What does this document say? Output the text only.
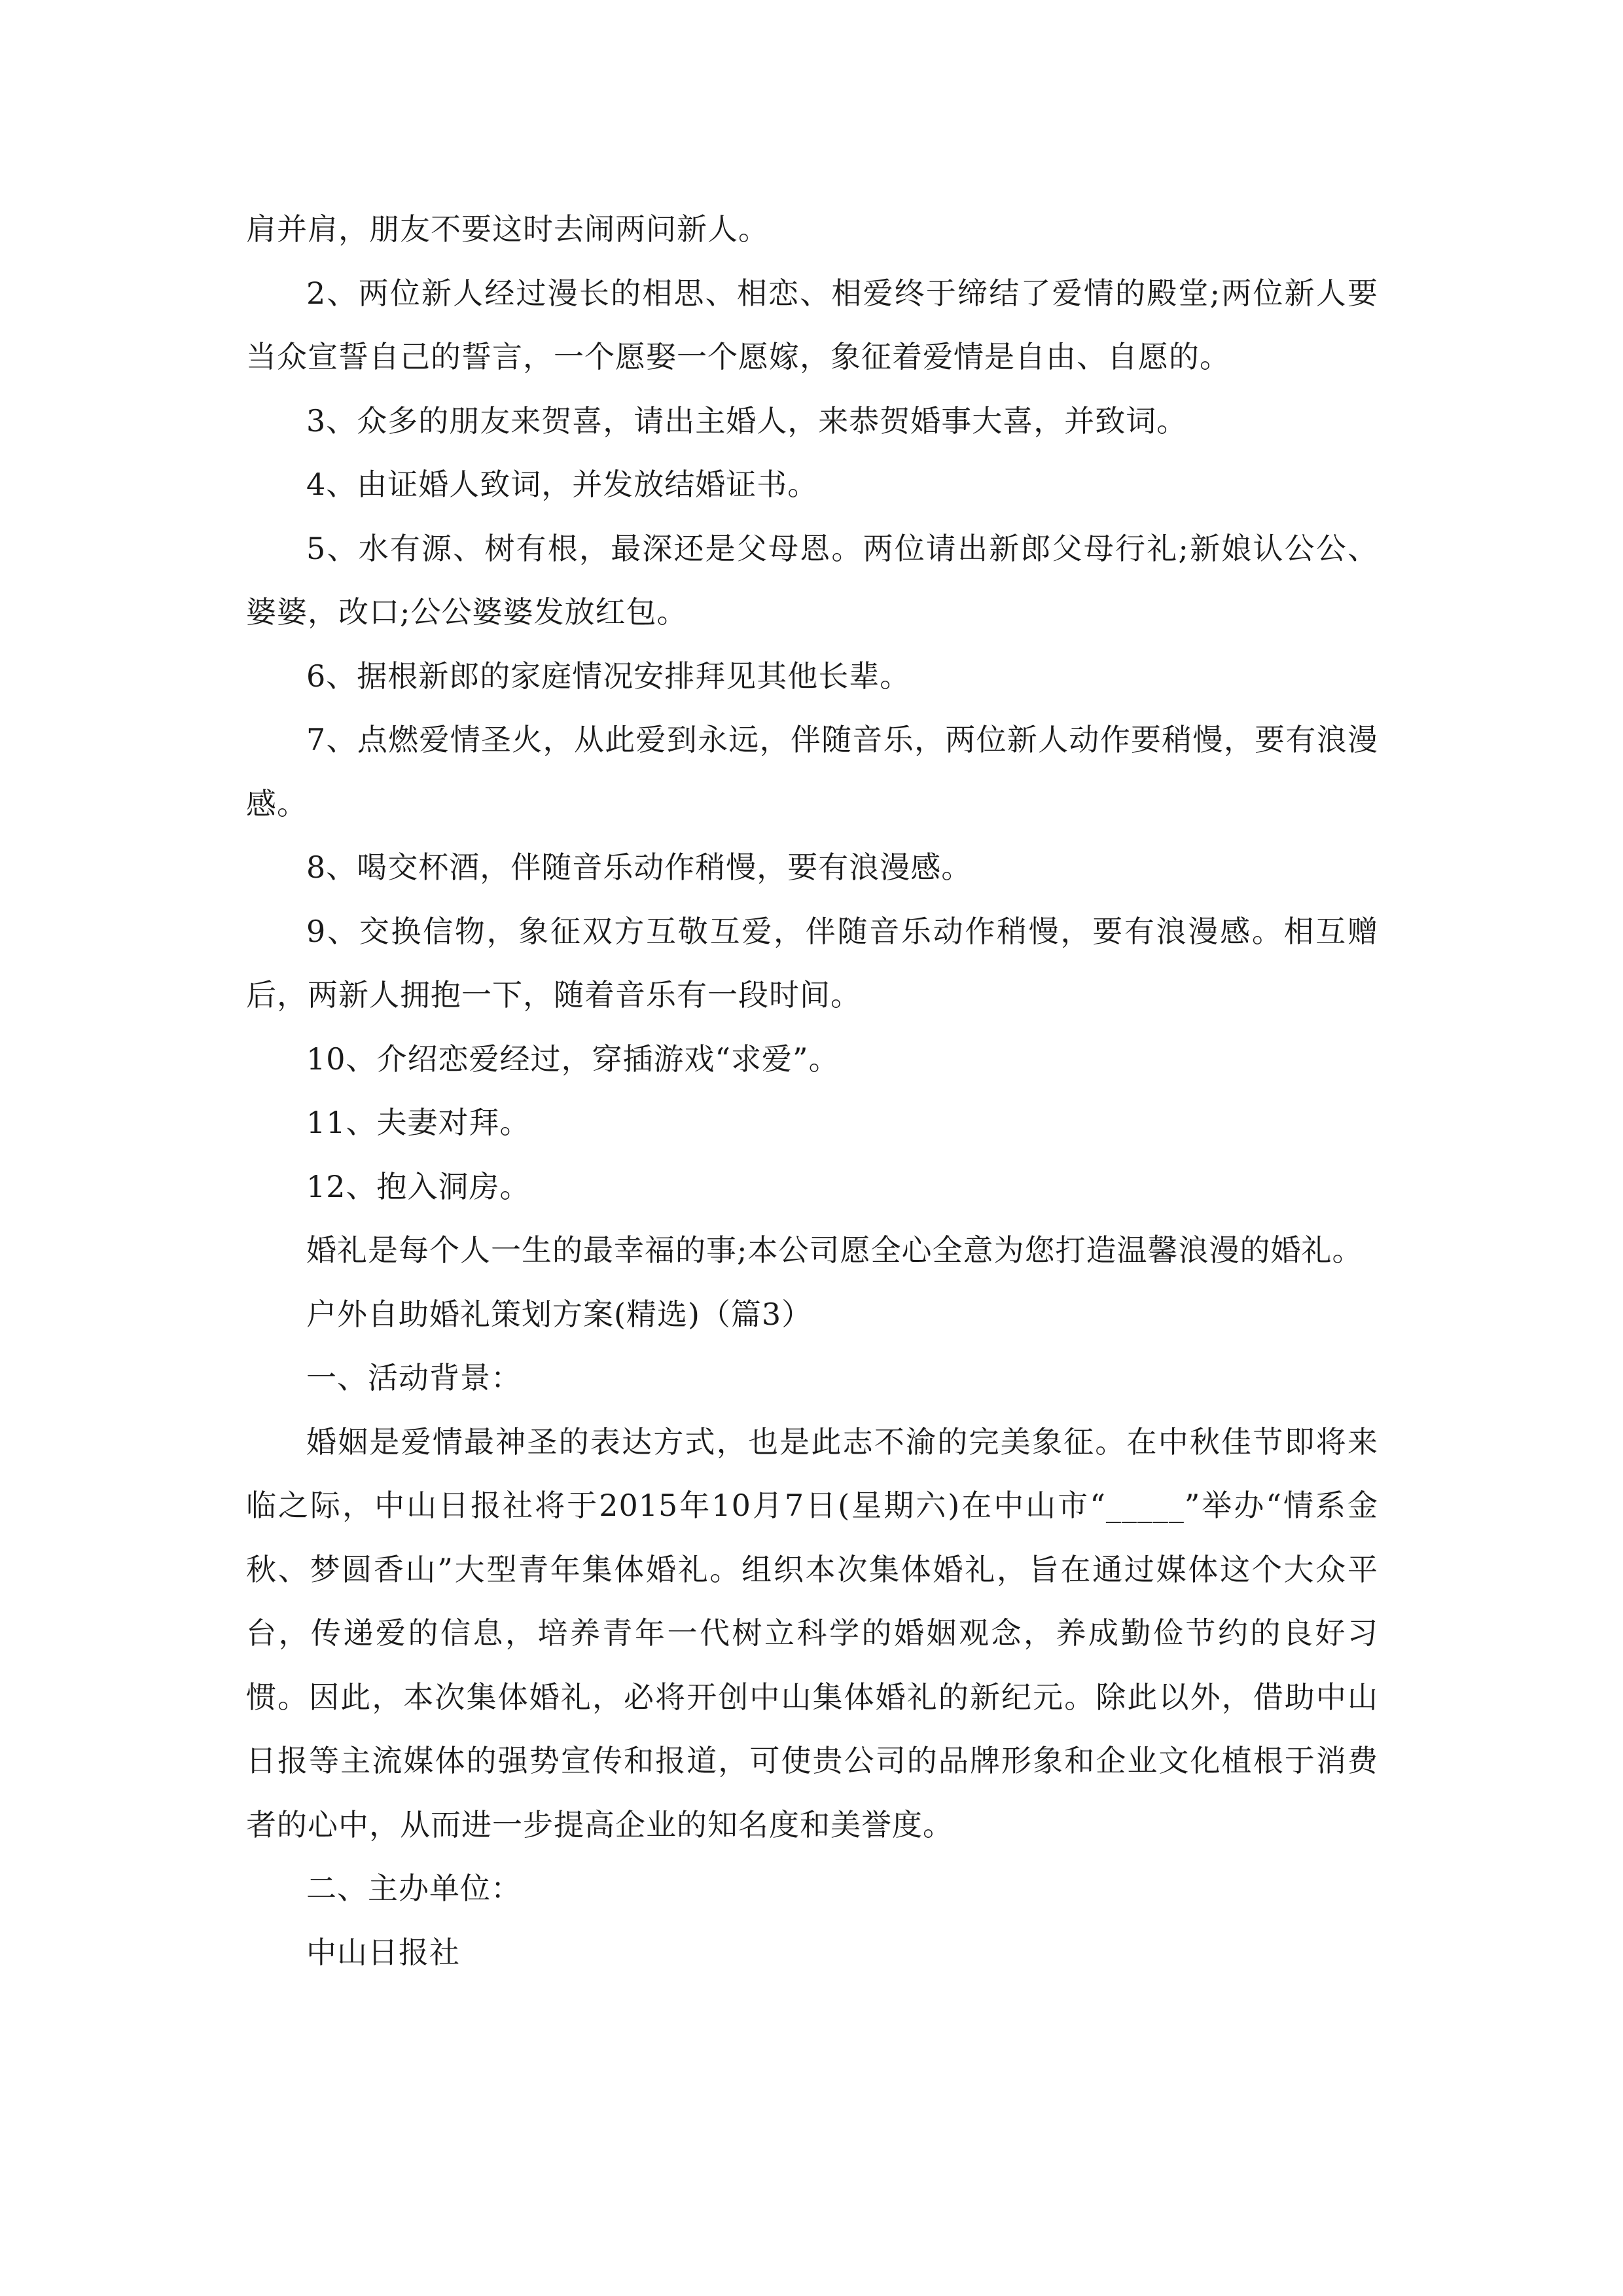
肩并肩，朋友不要这时去闹两问新人。

2、两位新人经过漫长的相思、相恋、相爱终于缔结了爱情的殿堂;两位新人要当众宣誓自己的誓言，一个愿娶一个愿嫁，象征着爱情是自由、自愿的。

3、众多的朋友来贺喜，请出主婚人，来恭贺婚事大喜，并致词。

4、由证婚人致词，并发放结婚证书。

5、水有源、树有根，最深还是父母恩。两位请出新郎父母行礼;新娘认公公、婆婆，改口;公公婆婆发放红包。

6、据根新郎的家庭情况安排拜见其他长辈。

7、点燃爱情圣火，从此爱到永远，伴随音乐，两位新人动作要稍慢，要有浪漫感。

8、喝交杯酒，伴随音乐动作稍慢，要有浪漫感。

9、交换信物，象征双方互敬互爱，伴随音乐动作稍慢，要有浪漫感。相互赠后，两新人拥抱一下，随着音乐有一段时间。

10、介绍恋爱经过，穿插游戏“求爱”。

11、夫妻对拜。

12、抱入洞房。

婚礼是每个人一生的最幸福的事;本公司愿全心全意为您打造温馨浪漫的婚礼。

户外自助婚礼策划方案(精选)（篇3）

一、活动背景：

婚姻是爱情最神圣的表达方式，也是此志不渝的完美象征。在中秋佳节即将来临之际，中山日报社将于2015年10月7日(星期六)在中山市“_____”举办“情系金秋、梦圆香山”大型青年集体婚礼。组织本次集体婚礼，旨在通过媒体这个大众平台，传递爱的信息，培养青年一代树立科学的婚姻观念，养成勤俭节约的良好习惯。因此，本次集体婚礼，必将开创中山集体婚礼的新纪元。除此以外，借助中山日报等主流媒体的强势宣传和报道，可使贵公司的品牌形象和企业文化植根于消费者的心中，从而进一步提高企业的知名度和美誉度。

二、主办单位：

中山日报社
